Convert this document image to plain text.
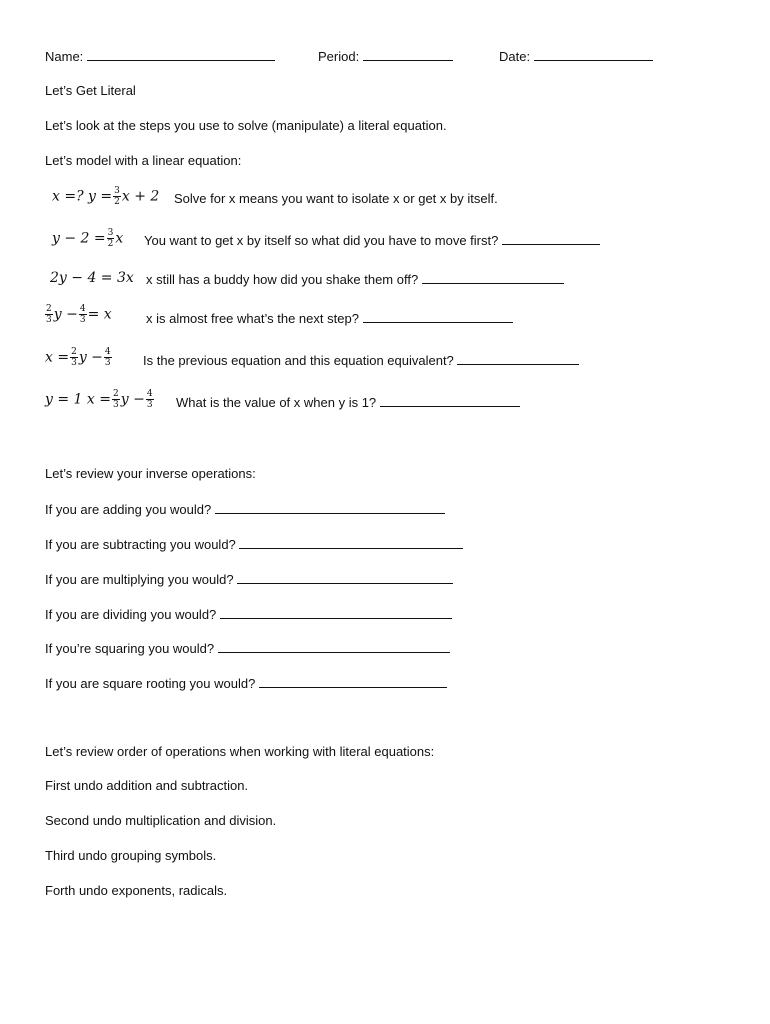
Name:	Period:	Date:
Let’s Get Literal
Let’s look at the steps you use to solve (manipulate) a literal equation.
Let’s model with a linear equation:
x =? $y = \frac{3}{2}$ x + 2 Solve for x means you want to isolate x or get x by itself.
$y - 2 = \frac{3}{2}$ x You want to get x by itself so what did you have to move first?
2y − 4 = 3x x still has a buddy how did you shake them off?
$\frac{2}{3}$ $y - \frac{4}{3} = x$	x is almost free what’s the next step?
$x = \frac{2}{3}$ $y - \frac{4}{3}$ Is the previous equation and this equation equivalent?
y = 1 $x = \frac{2}{3}$ $y - \frac{4}{3}$ What is the value of x when y is 1?
Let’s review your inverse operations:
If you are adding you would?
If you are subtracting you would?
If you are multiplying you would?
If you are dividing you would?
If you’re squaring you would?
If you are square rooting you would?
Let’s review order of operations when working with literal equations:
First undo addition and subtraction.
Second undo multiplication and division.
Third undo grouping symbols.
Forth undo exponents, radicals.
